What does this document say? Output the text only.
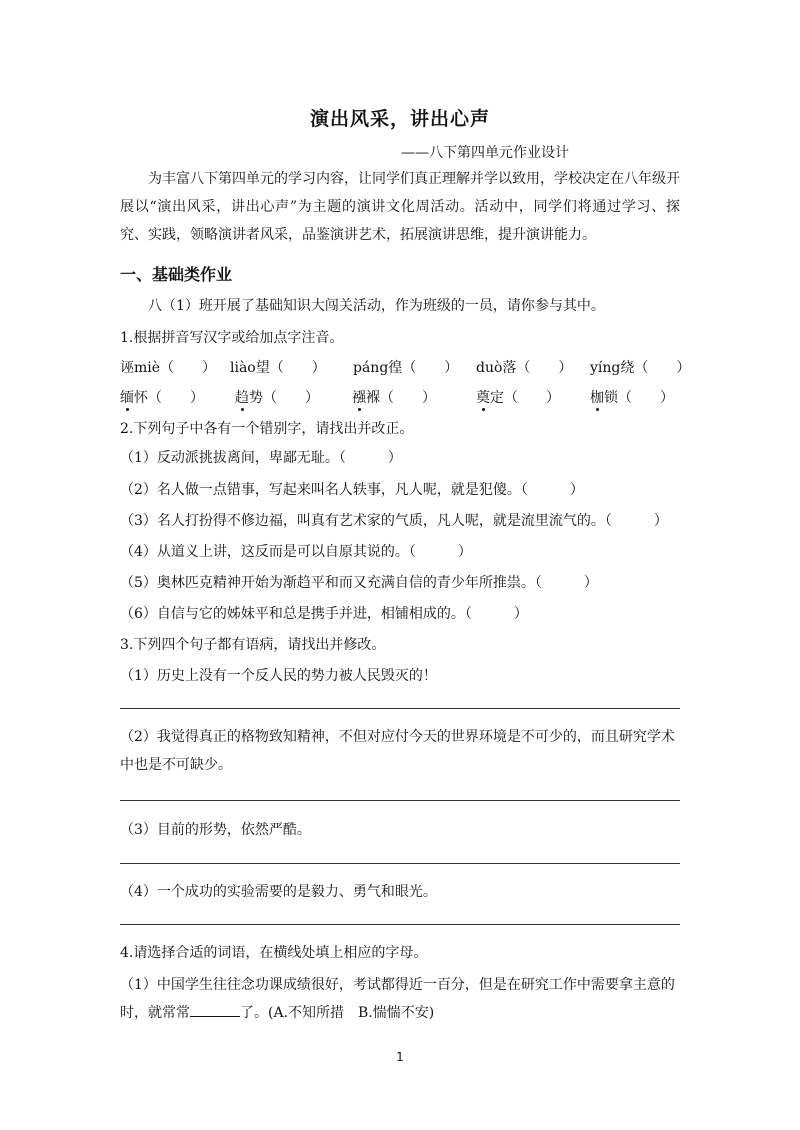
演出风采，讲出心声
——八下第四单元作业设计
为丰富八下第四单元的学习内容，让同学们真正理解并学以致用，学校决定在八年级开展以“演出风采，讲出心声”为主题的演讲文化周活动。活动中，同学们将通过学习、探究、实践，领略演讲者风采，品鉴演讲艺术，拓展演讲思维，提升演讲能力。
一、基础类作业
八（1）班开展了基础知识大闯关活动，作为班级的一员，请你参与其中。
1.根据拼音写汉字或给加点字注音。
诬miè（　　） liào望（　　） páng徨（　　） duò落（　　） yíng绕（　　）
缅怀（　　） 趋势（　　） 襁褓（　　）	奠定（　　） 枷锁（　　）
2.下列句子中各有一个错别字，请找出并改正。
（1）反动派挑拔离间，卑鄙无耻。（　　　）
（2）名人做一点错事，写起来叫名人轶事，凡人呢，就是犯傻。（　　　）
（3）名人打扮得不修边福，叫真有艺术家的气质，凡人呢，就是流里流气的。（　　　）
（4）从道义上讲，这反而是可以自原其说的。（　　　）
（5）奥林匹克精神开始为渐趋平和而又充满自信的青少年所推祟。（　　　）
（6）自信与它的姊妹平和总是携手并进，相铺相成的。（　　　）
3.下列四个句子都有语病，请找出并修改。
（1）历史上没有一个反人民的势力被人民毁灭的！
（2）我觉得真正的格物致知精神，不但对应付今天的世界环境是不可少的，而且研究学术中也是不可缺少。
（3）目前的形势，依然严酷。
（4）一个成功的实验需要的是毅力、勇气和眼光。
4.请选择合适的词语，在横线处填上相应的字母。
（1）中国学生往往念功课成绩很好，考试都得近一百分，但是在研究工作中需要拿主意的时，就常常	了。(A.不知所措　B.惴惴不安)
1
